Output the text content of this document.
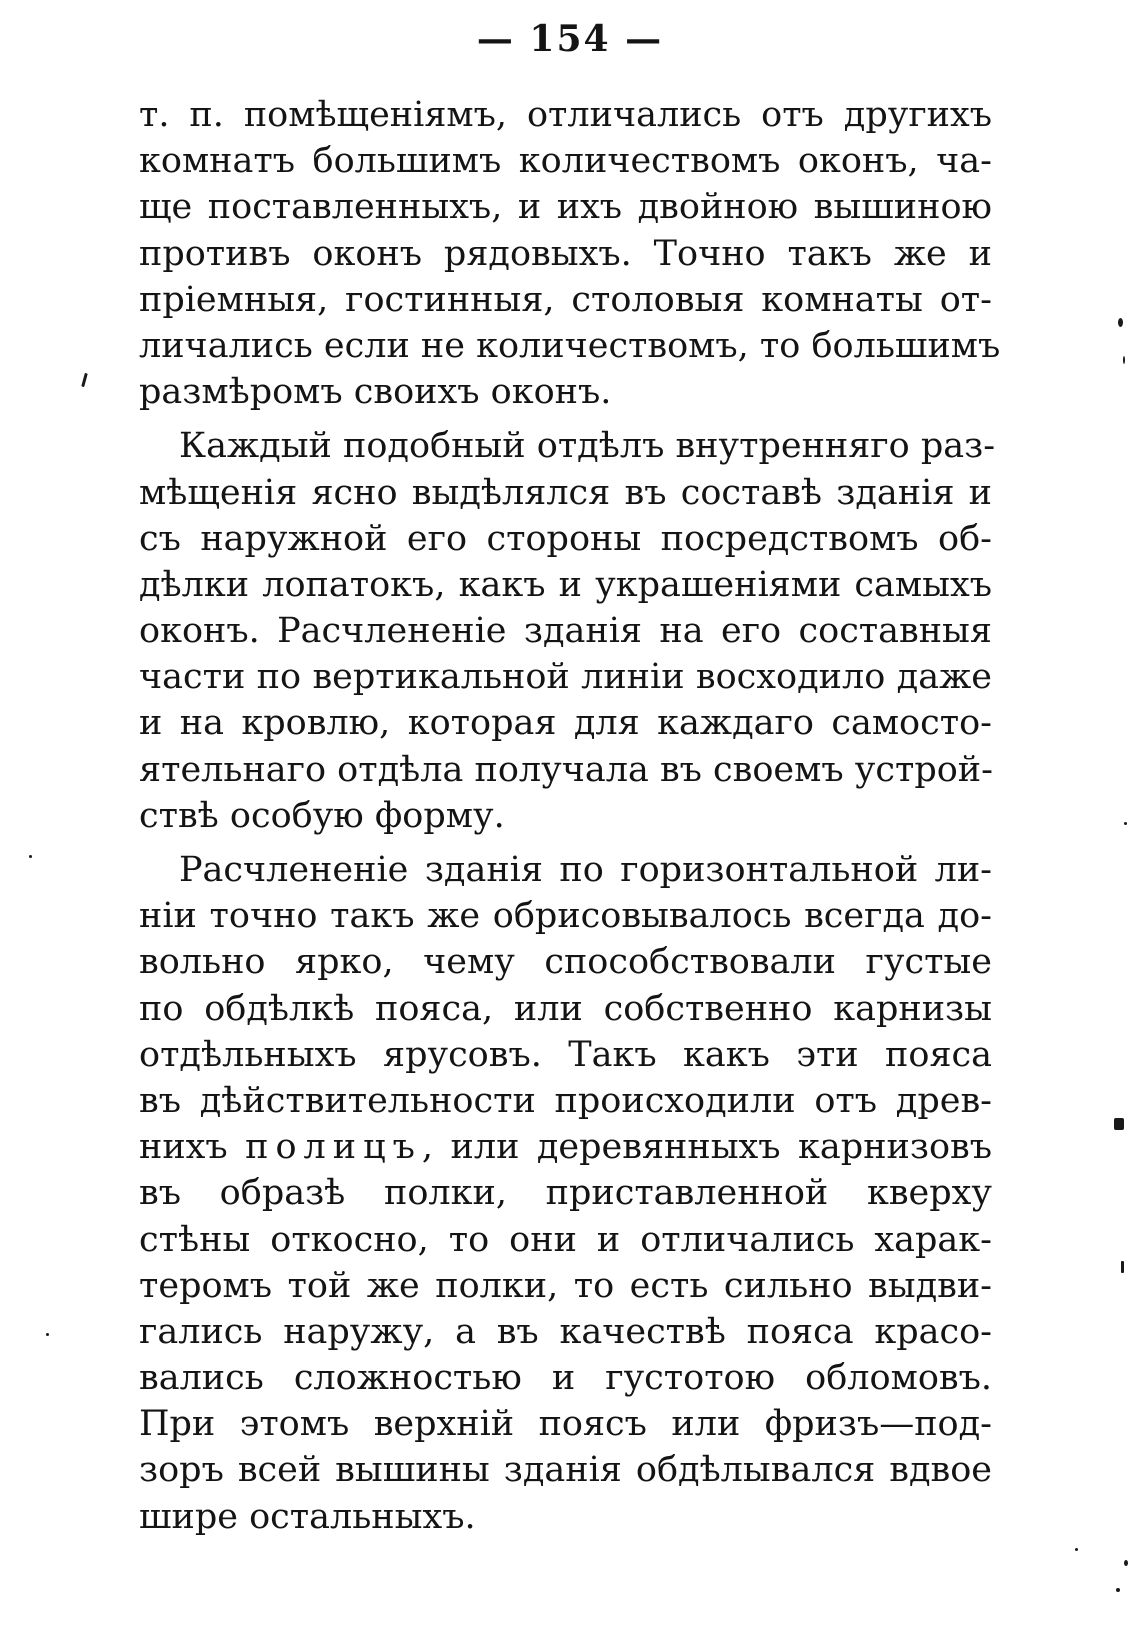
— 154 —
т. п. помѣщеніямъ, отличались отъ другихъ
комнатъ большимъ количествомъ оконъ, ча-
ще поставленныхъ, и ихъ двойною вышиною
противъ оконъ рядовыхъ. Точно такъ же и
пріемныя, гостинныя, столовыя комнаты от-
личались если не количествомъ, то большимъ
размѣромъ своихъ оконъ.
Каждый подобный отдѣлъ внутренняго раз-
мѣщенія ясно выдѣлялся въ составѣ зданія и
съ наружной его стороны посредствомъ об-
дѣлки лопатокъ, какъ и украшеніями самыхъ
оконъ. Расчлененіе зданія на его составныя
части по вертикальной линіи восходило даже
и на кровлю, которая для каждаго самосто-
ятельнаго отдѣла получала въ своемъ устрой-
ствѣ особую форму.
Расчлененіе зданія по горизонтальной ли-
ніи точно такъ же обрисовывалось всегда до-
вольно ярко, чему способствовали густые
по обдѣлкѣ пояса, или собственно карнизы
отдѣльныхъ ярусовъ. Такъ какъ эти пояса
въ дѣйствительности происходили отъ древ-
нихъ полицъ, или деревянныхъ карнизовъ
въ образѣ полки, приставленной кверху
стѣны откосно, то они и отличались харак-
теромъ той же полки, то есть сильно выдви-
гались наружу, а въ качествѣ пояса красо-
вались сложностью и густотою обломовъ.
При этомъ верхній поясъ или фризъ—под-
зоръ всей вышины зданія обдѣлывался вдвое
шире остальныхъ.
